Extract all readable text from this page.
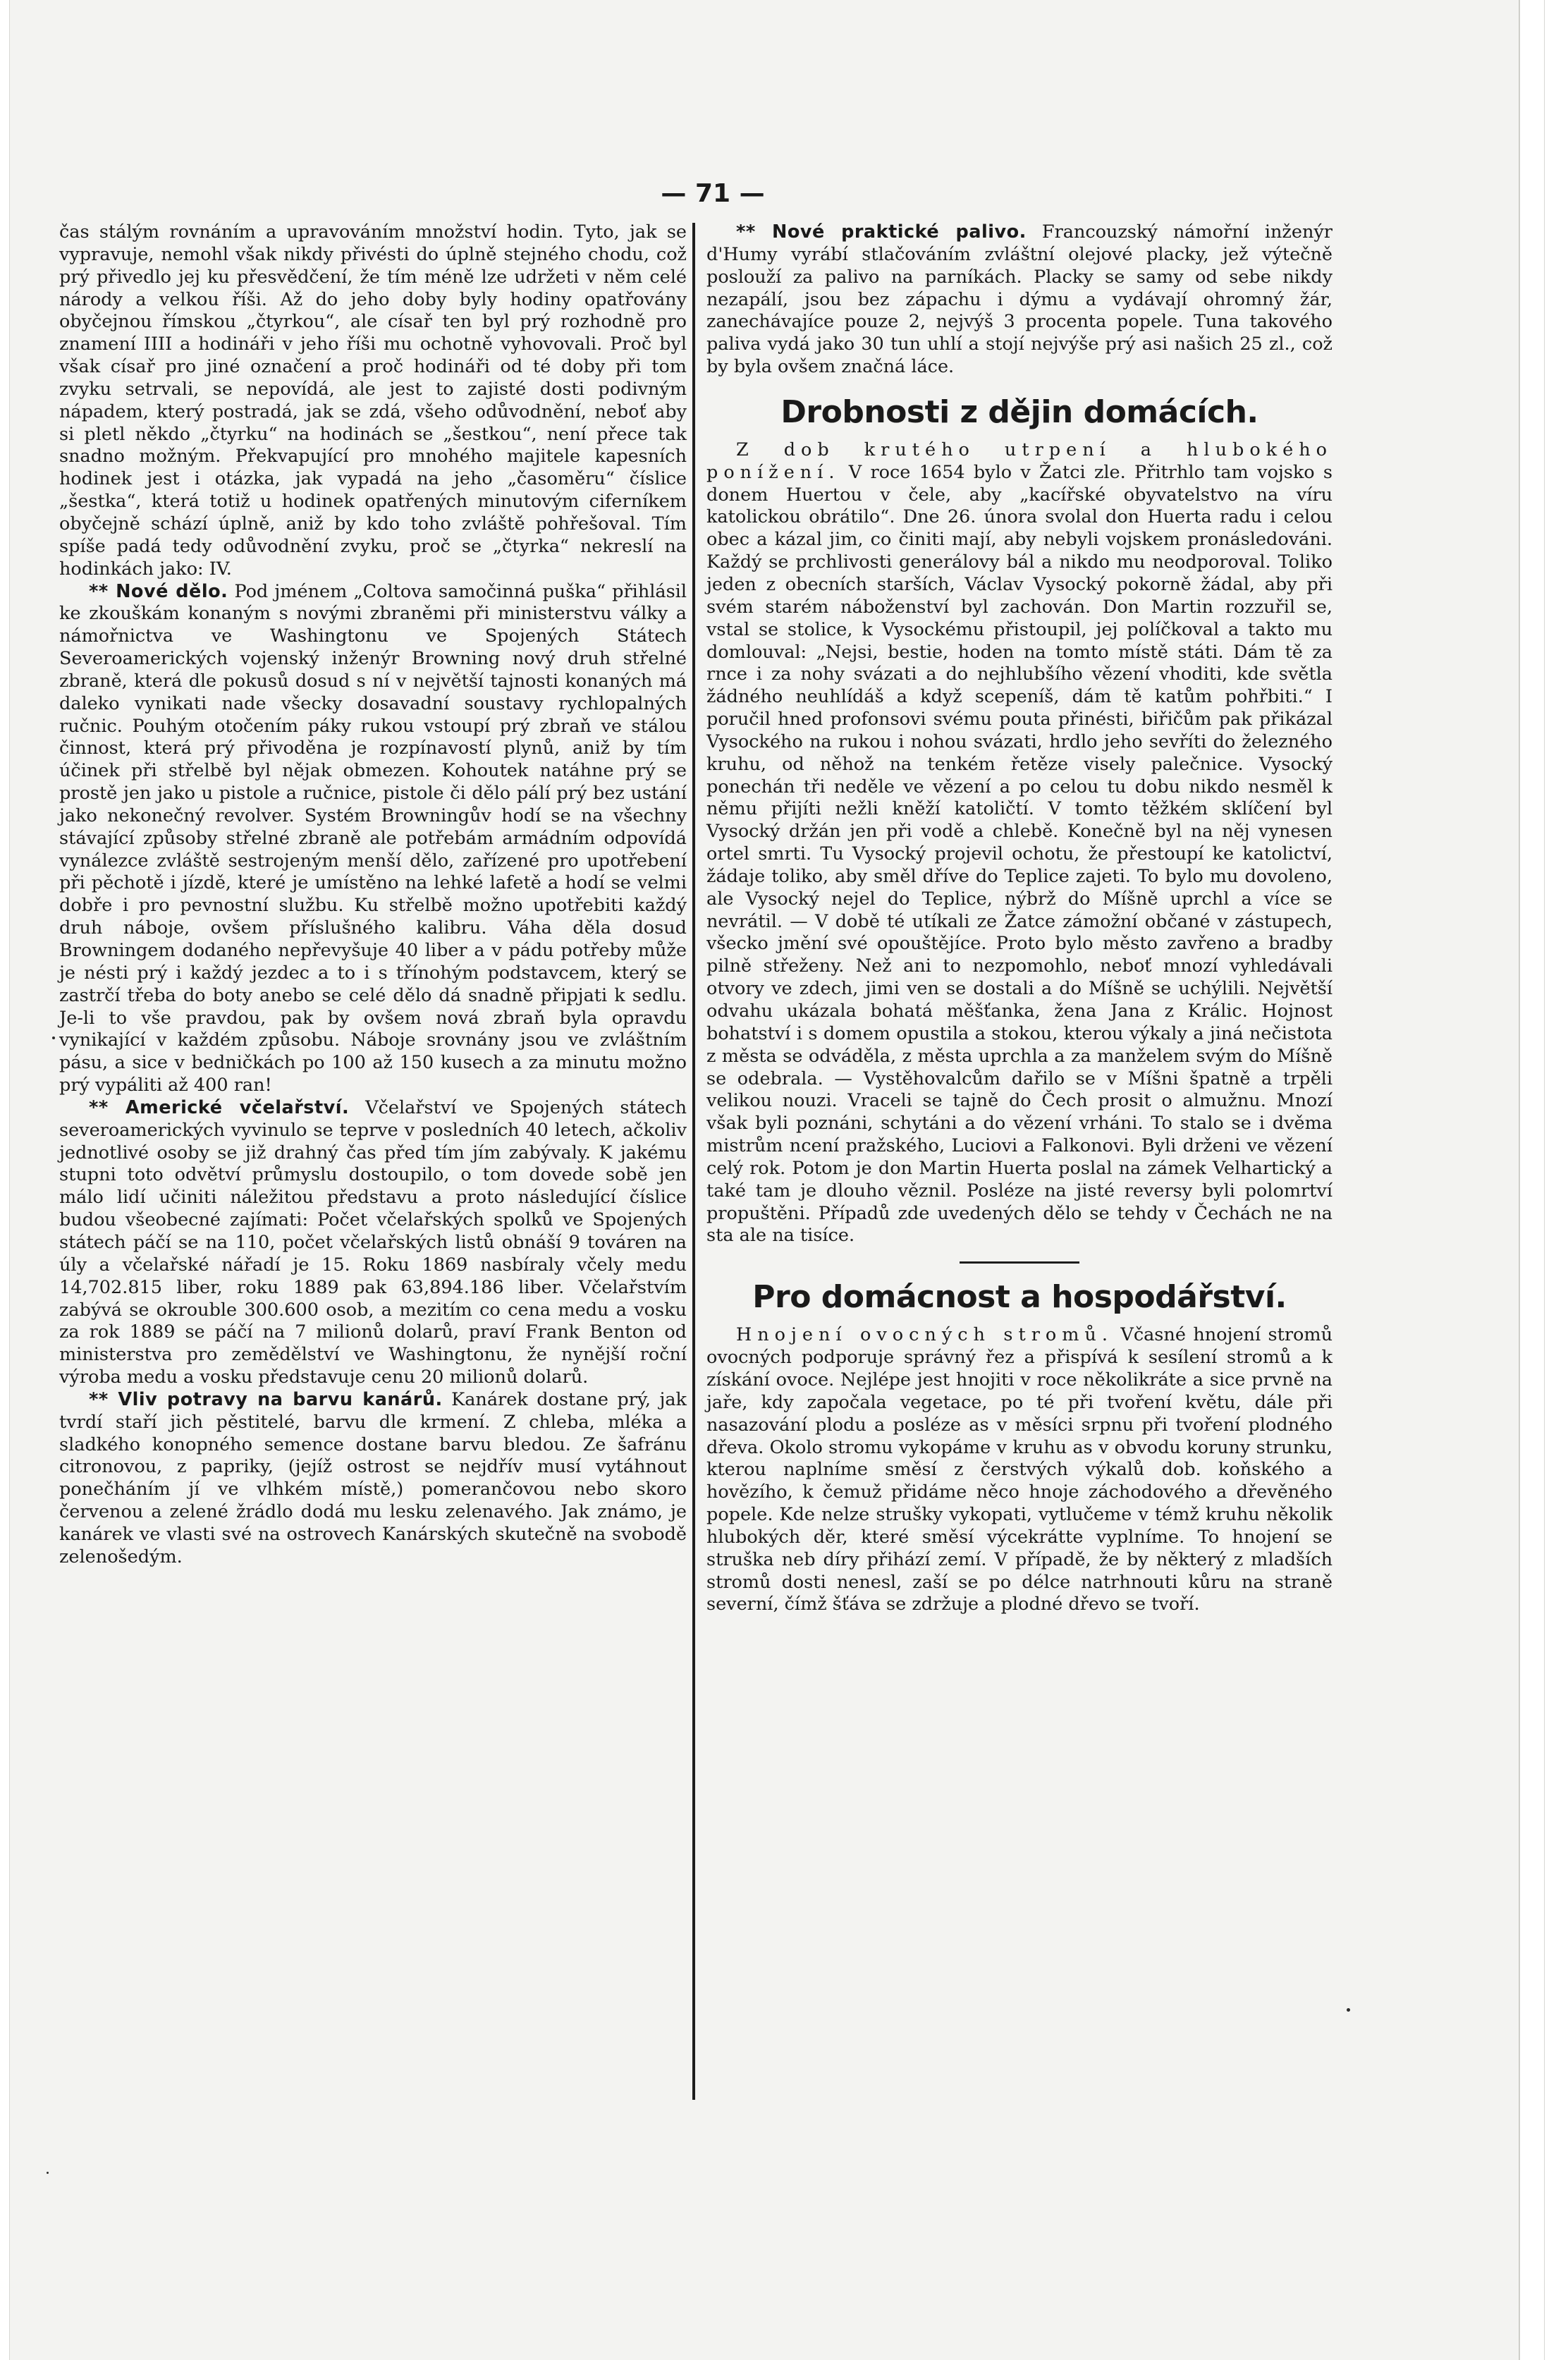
— 71 —

čas stálým rovnáním a upravováním množství hodin. Tyto, jak se vypravuje, nemohl však nikdy přivésti do úplně stejného chodu, což prý přivedlo jej ku přesvědčení, že tím méně lze udržeti v něm celé národy a velkou říši. Až do jeho doby byly hodiny opatřovány obyčejnou římskou „čtyrkou“, ale císař ten byl prý rozhodně pro znamení IIII a hodináři v jeho říši mu ochotně vyhovovali. Proč byl však císař pro jiné označení a proč hodináři od té doby při tom zvyku setrvali, se nepovídá, ale jest to zajisté dosti podivným nápadem, který postradá, jak se zdá, všeho odůvodnění, neboť aby si pletl někdo „čtyrku“ na hodinách se „šestkou“, není přece tak snadno možným. Překvapující pro mnohého majitele kapesních hodinek jest i otázka, jak vypadá na jeho „časoměru“ číslice „šestka“, která totiž u hodinek opatřených minutovým ciferníkem obyčejně schází úplně, aniž by kdo toho zvláště pohřešoval. Tím spíše padá tedy odůvodnění zvyku, proč se „čtyrka“ nekreslí na hodinkách jako: IV.

** Nové dělo. Pod jménem „Coltova samočinná puška“ přihlásil ke zkouškám konaným s novými zbraněmi při ministerstvu války a námořnictva ve Washingtonu ve Spojených Státech Severoamerických vojenský inženýr Browning nový druh střelné zbraně, která dle pokusů dosud s ní v největší tajnosti konaných má daleko vynikati nade všecky dosavadní soustavy rychlopalných ručnic. Pouhým otočením páky rukou vstoupí prý zbraň ve stálou činnost, která prý přivoděna je rozpínavostí plynů, aniž by tím účinek při střelbě byl nějak obmezen. Kohoutek natáhne prý se prostě jen jako u pistole a ručnice, pistole či dělo pálí prý bez ustání jako nekonečný revolver. Systém Browningův hodí se na všechny stávající způsoby střelné zbraně ale potřebám armádním odpovídá vynálezce zvláště sestrojeným menší dělo, zařízené pro upotřebení při pěchotě i jízdě, které je umístěno na lehké lafetě a hodí se velmi dobře i pro pevnostní službu. Ku střelbě možno upotřebiti každý druh náboje, ovšem příslušného kalibru. Váha děla dosud Browningem dodaného nepřevyšuje 40 liber a v pádu potřeby může je nésti prý i každý jezdec a to i s třínohým podstavcem, který se zastrčí třeba do boty anebo se celé dělo dá snadně připjati k sedlu. Je-li to vše pravdou, pak by ovšem nová zbraň byla opravdu vynikající v každém způsobu. Náboje srovnány jsou ve zvláštním pásu, a sice v bedničkách po 100 až 150 kusech a za minutu možno prý vypáliti až 400 ran!

** Americké včelařství. Včelařství ve Spojených státech severoamerických vyvinulo se teprve v posledních 40 letech, ačkoliv jednotlivé osoby se již drahný čas před tím jím zabývaly. K jakému stupni toto odvětví průmyslu dostoupilo, o tom dovede sobě jen málo lidí učiniti náležitou představu a proto následující číslice budou všeobecné zajímati: Počet včelařských spolků ve Spojených státech páčí se na 110, počet včelařských listů obnáší 9 továren na úly a včelařské nářadí je 15. Roku 1869 nasbíraly včely medu 14,702.815 liber, roku 1889 pak 63,894.186 liber. Včelařstvím zabývá se okrouble 300.600 osob, a mezitím co cena medu a vosku za rok 1889 se páčí na 7 milionů dolarů, praví Frank Benton od ministerstva pro zemědělství ve Washingtonu, že nynější roční výroba medu a vosku představuje cenu 20 milionů dolarů.

** Vliv potravy na barvu kanárů. Kanárek dostane prý, jak tvrdí staří jich pěstitelé, barvu dle krmení. Z chleba, mléka a sladkého konopného semence dostane barvu bledou. Ze šafránu citronovou, z papriky, (jejíž ostrost se nejdřív musí vytáhnout ponečháním jí ve vlhkém místě,) pomerančovou nebo skoro červenou a zelené žrádlo dodá mu lesku zelenavého. Jak známo, je kanárek ve vlasti své na ostrovech Kanárských skutečně na svobodě zelenošedým.

** Nové praktické palivo. Francouzský námořní inženýr d'Humy vyrábí stlačováním zvláštní olejové placky, jež výtečně poslouží za palivo na parníkách. Placky se samy od sebe nikdy nezapálí, jsou bez zápachu i dýmu a vydávají ohromný žár, zanechávajíce pouze 2, nejvýš 3 procenta popele. Tuna takového paliva vydá jako 30 tun uhlí a stojí nejvýše prý asi našich 25 zl., což by byla ovšem značná láce.

Drobnosti z dějin domácích.

Z dob krutého utrpení a hlubokého ponížení. V roce 1654 bylo v Žatci zle. Přitrhlo tam vojsko s donem Huertou v čele, aby „kacířské obyvatelstvo na víru katolickou obrátilo“. Dne 26. února svolal don Huerta radu i celou obec a kázal jim, co činiti mají, aby nebyli vojskem pronásledováni. Každý se prchlivosti generálovy bál a nikdo mu neodporoval. Toliko jeden z obecních starších, Václav Vysocký pokorně žádal, aby při svém starém náboženství byl zachován. Don Martin rozzuřil se, vstal se stolice, k Vysockému přistoupil, jej políčkoval a takto mu domlouval: „Nejsi, bestie, hoden na tomto místě státi. Dám tě za rnce i za nohy svázati a do nejhlubšího vězení vhoditi, kde světla žádného neuhlídáš a když scepeníš, dám tě katům pohřbiti.“ I poručil hned profonsovi svému pouta přinésti, biřičům pak přikázal Vysockého na rukou i nohou svázati, hrdlo jeho sevříti do železného kruhu, od něhož na tenkém řetěze visely palečnice. Vysocký ponechán tři neděle ve vězení a po celou tu dobu nikdo nesměl k němu přijíti nežli kněží katoličtí. V tomto těžkém sklíčení byl Vysocký držán jen při vodě a chlebě. Konečně byl na něj vynesen ortel smrti. Tu Vysocký projevil ochotu, že přestoupí ke katolictví, žádaje toliko, aby směl dříve do Teplice zajeti. To bylo mu dovoleno, ale Vysocký nejel do Teplice, nýbrž do Míšně uprchl a více se nevrátil. — V době té utíkali ze Žatce zámožní občané v zástupech, všecko jmění své opouštějíce. Proto bylo město zavřeno a bradby pilně střeženy. Než ani to nezpomohlo, neboť mnozí vyhledávali otvory ve zdech, jimi ven se dostali a do Míšně se uchýlili. Největší odvahu ukázala bohatá měšťanka, žena Jana z Králic. Hojnost bohatství i s domem opustila a stokou, kterou výkaly a jiná nečistota z města se odváděla, z města uprchla a za manželem svým do Míšně se odebrala. — Vystěhovalcům dařilo se v Míšni špatně a trpěli velikou nouzi. Vraceli se tajně do Čech prosit o almužnu. Mnozí však byli poznáni, schytáni a do vězení vrháni. To stalo se i dvěma mistrům ncení pražského, Luciovi a Falkonovi. Byli drženi ve vězení celý rok. Potom je don Martin Huerta poslal na zámek Velhartický a také tam je dlouho věznil. Posléze na jisté reversy byli polomrtví propuštěni. Případů zde uvedených dělo se tehdy v Čechách ne na sta ale na tisíce.

Pro domácnost a hospodářství.

Hnojení ovocných stromů. Včasné hnojení stromů ovocných podporuje správný řez a přispívá k sesílení stromů a k získání ovoce. Nejlépe jest hnojiti v roce několikráte a sice prvně na jaře, kdy započala vegetace, po té při tvoření květu, dále při nasazování plodu a posléze as v měsíci srpnu při tvoření plodného dřeva. Okolo stromu vykopáme v kruhu as v obvodu koruny strunku, kterou naplníme směsí z čerstvých výkalů dob. koňského a hovězího, k čemuž přidáme něco hnoje záchodového a dřevěného popele. Kde nelze strušky vykopati, vytlučeme v témž kruhu několik hlubokých děr, které směsí výcekrátte vyplníme. To hnojení se struška neb díry přihází zemí. V případě, že by některý z mladších stromů dosti nenesl, zaší se po délce natrhnouti kůru na straně severní, čímž šťáva se zdržuje a plodné dřevo se tvoří.
